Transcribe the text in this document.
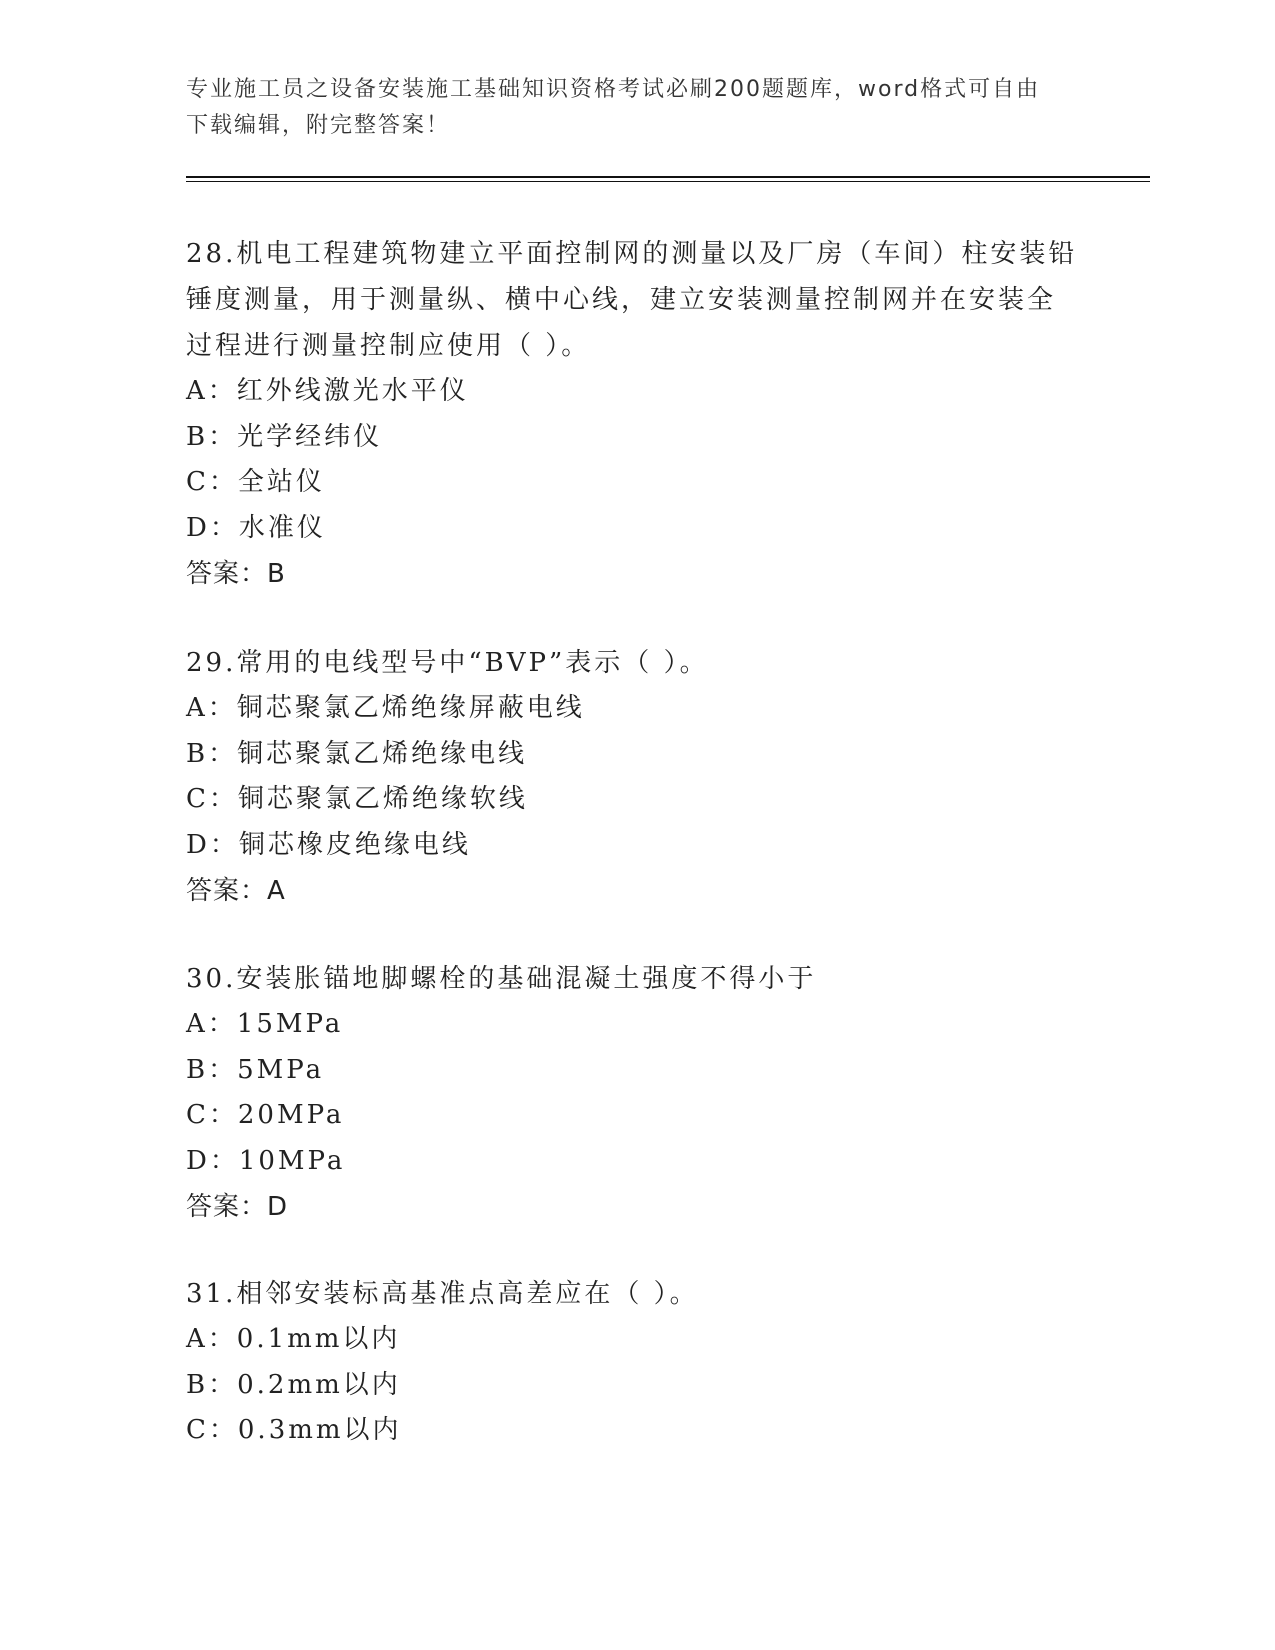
专业施工员之设备安装施工基础知识资格考试必刷200题题库，word格式可自由
下载编辑，附完整答案！
28.机电工程建筑物建立平面控制网的测量以及厂房（车间）柱安装铅
锤度测量，用于测量纵、横中心线，建立安装测量控制网并在安装全
过程进行测量控制应使用（ ）。
A：红外线激光水平仪
B：光学经纬仪
C：全站仪
D：水准仪
答案：B
29.常用的电线型号中“BVP”表示（ ）。
A：铜芯聚氯乙烯绝缘屏蔽电线
B：铜芯聚氯乙烯绝缘电线
C：铜芯聚氯乙烯绝缘软线
D：铜芯橡皮绝缘电线
答案：A
30.安装胀锚地脚螺栓的基础混凝土强度不得小于
A：15MPa
B：5MPa
C：20MPa
D：10MPa
答案：D
31.相邻安装标高基准点高差应在（ ）。
A：0.1mm以内
B：0.2mm以内
C：0.3mm以内
